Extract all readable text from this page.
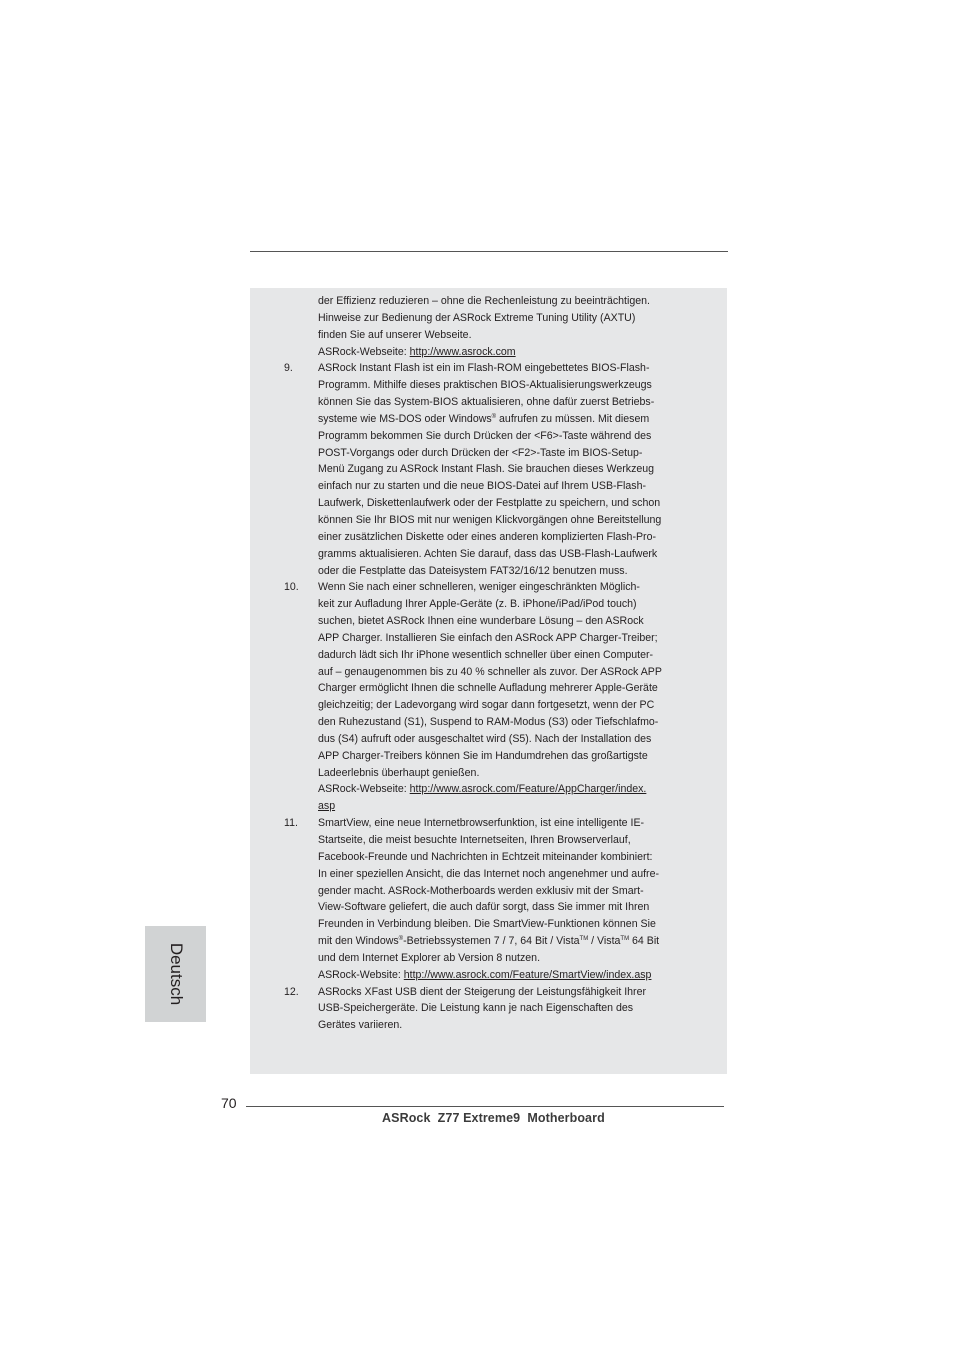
der Effizienz reduzieren – ohne die Rechenleistung zu beeinträchtigen.

Hinweise zur Bedienung der ASRock Extreme Tuning Utility (AXTU)

finden Sie auf unserer Webseite.

ASRock-Webseite: http://www.asrock.com

9.	ASRock Instant Flash ist ein im Flash-ROM eingebettetes BIOS-Flash-

Programm. Mithilfe dieses praktischen BIOS-Aktualisierungswerkzeugs

können Sie das System-BIOS aktualisieren, ohne dafür zuerst Betriebs-

systeme wie MS-DOS oder Windows® aufrufen zu müssen. Mit diesem

Programm bekommen Sie durch Drücken der <F6>-Taste während des

POST-Vorgangs oder durch Drücken der <F2>-Taste im BIOS-Setup-

Menü Zugang zu ASRock Instant Flash. Sie brauchen dieses Werkzeug

einfach nur zu starten und die neue BIOS-Datei auf Ihrem USB-Flash-

Laufwerk, Diskettenlaufwerk oder der Festplatte zu speichern, und schon

können Sie Ihr BIOS mit nur wenigen Klickvorgängen ohne Bereitstellung

einer zusätzlichen Diskette oder eines anderen komplizierten Flash-Pro-

gramms aktualisieren. Achten Sie darauf, dass das USB-Flash-Laufwerk

oder die Festplatte das Dateisystem FAT32/16/12 benutzen muss.

10.	Wenn Sie nach einer schnelleren, weniger eingeschränkten Möglich-

keit zur Aufladung Ihrer Apple-Geräte (z. B. iPhone/iPad/iPod touch)

suchen, bietet ASRock Ihnen eine wunderbare Lösung – den ASRock

APP Charger. Installieren Sie einfach den ASRock APP Charger-Treiber;

dadurch lädt sich Ihr iPhone wesentlich schneller über einen Computer-

auf – genaugenommen bis zu 40 % schneller als zuvor. Der ASRock APP

Charger ermöglicht Ihnen die schnelle Aufladung mehrerer Apple-Geräte

gleichzeitig; der Ladevorgang wird sogar dann fortgesetzt, wenn der PC

den Ruhezustand (S1), Suspend to RAM-Modus (S3) oder Tiefschlafmo-

dus (S4) aufruft oder ausgeschaltet wird (S5). Nach der Installation des

APP Charger-Treibers können Sie im Handumdrehen das großartigste

Ladeerlebnis überhaupt genießen.

ASRock-Webseite: http://www.asrock.com/Feature/AppCharger/index.

asp

11.	SmartView, eine neue Internetbrowserfunktion, ist eine intelligente IE-

Startseite, die meist besuchte Internetseiten, Ihren Browserverlauf,

Facebook-Freunde und Nachrichten in Echtzeit miteinander kombiniert:

In einer speziellen Ansicht, die das Internet noch angenehmer und aufre-

gender macht. ASRock-Motherboards werden exklusiv mit der Smart-

View-Software geliefert, die auch dafür sorgt, dass Sie immer mit Ihren

Freunden in Verbindung bleiben. Die SmartView-Funktionen können Sie

mit den Windows®-Betriebssystemen 7 / 7, 64 Bit / Vista™ / Vista™ 64 Bit

und dem Internet Explorer ab Version 8 nutzen.

ASRock-Website: http://www.asrock.com/Feature/SmartView/index.asp

12.	ASRocks XFast USB dient der Steigerung der Leistungsfähigkeit Ihrer

USB-Speichergeräte. Die Leistung kann je nach Eigenschaften des

Gerätes variieren.

Deutsch
70
ASRock  Z77 Extreme9  Motherboard
